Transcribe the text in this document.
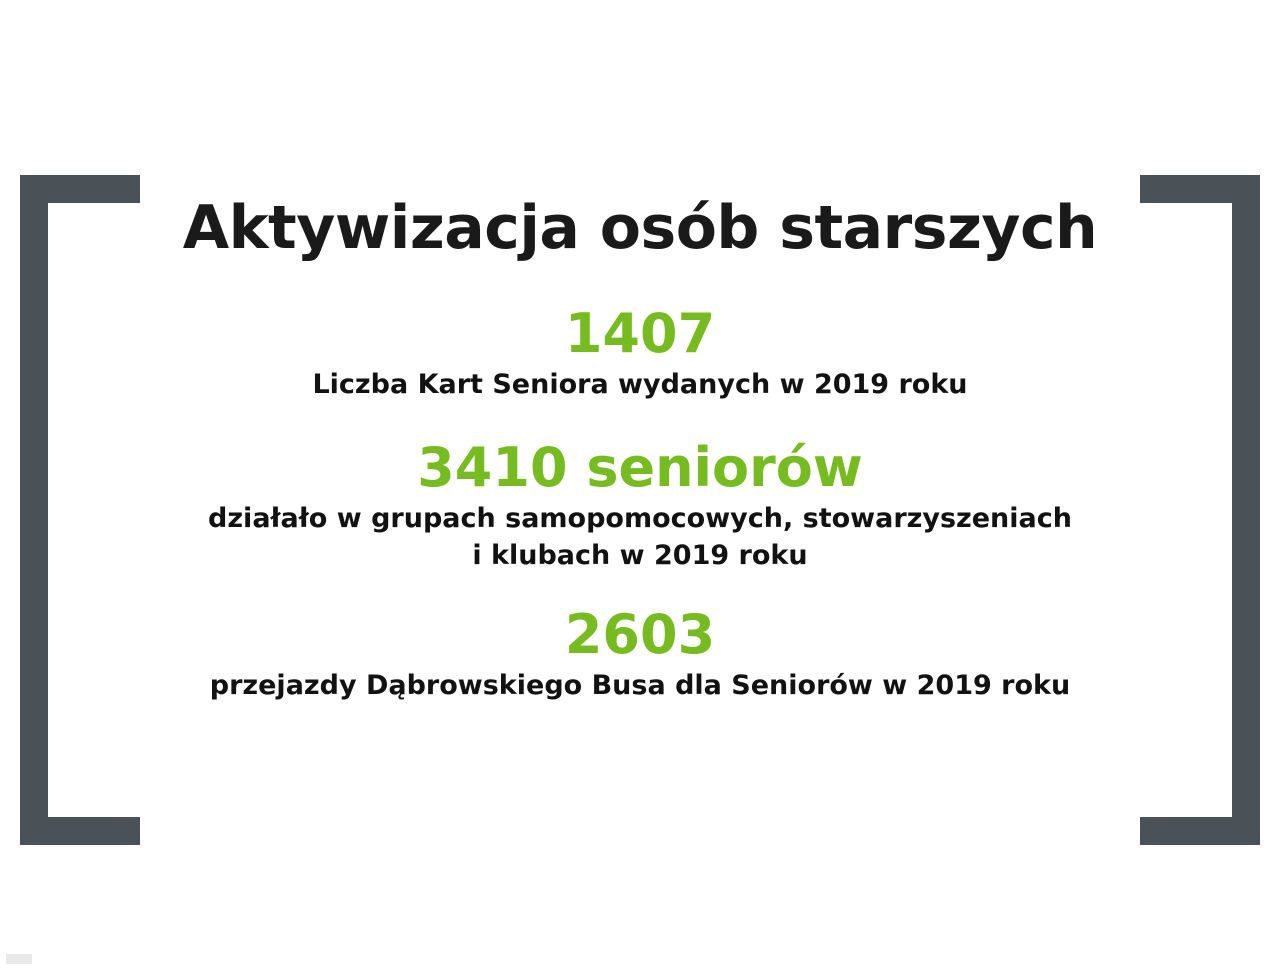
Aktywizacja osób starszych
1407
Liczba Kart Seniora wydanych w 2019 roku
3410 seniorów
działało w grupach samopomocowych, stowarzyszeniach
i klubach w 2019 roku
2603
przejazdy Dąbrowskiego Busa dla Seniorów w 2019 roku
